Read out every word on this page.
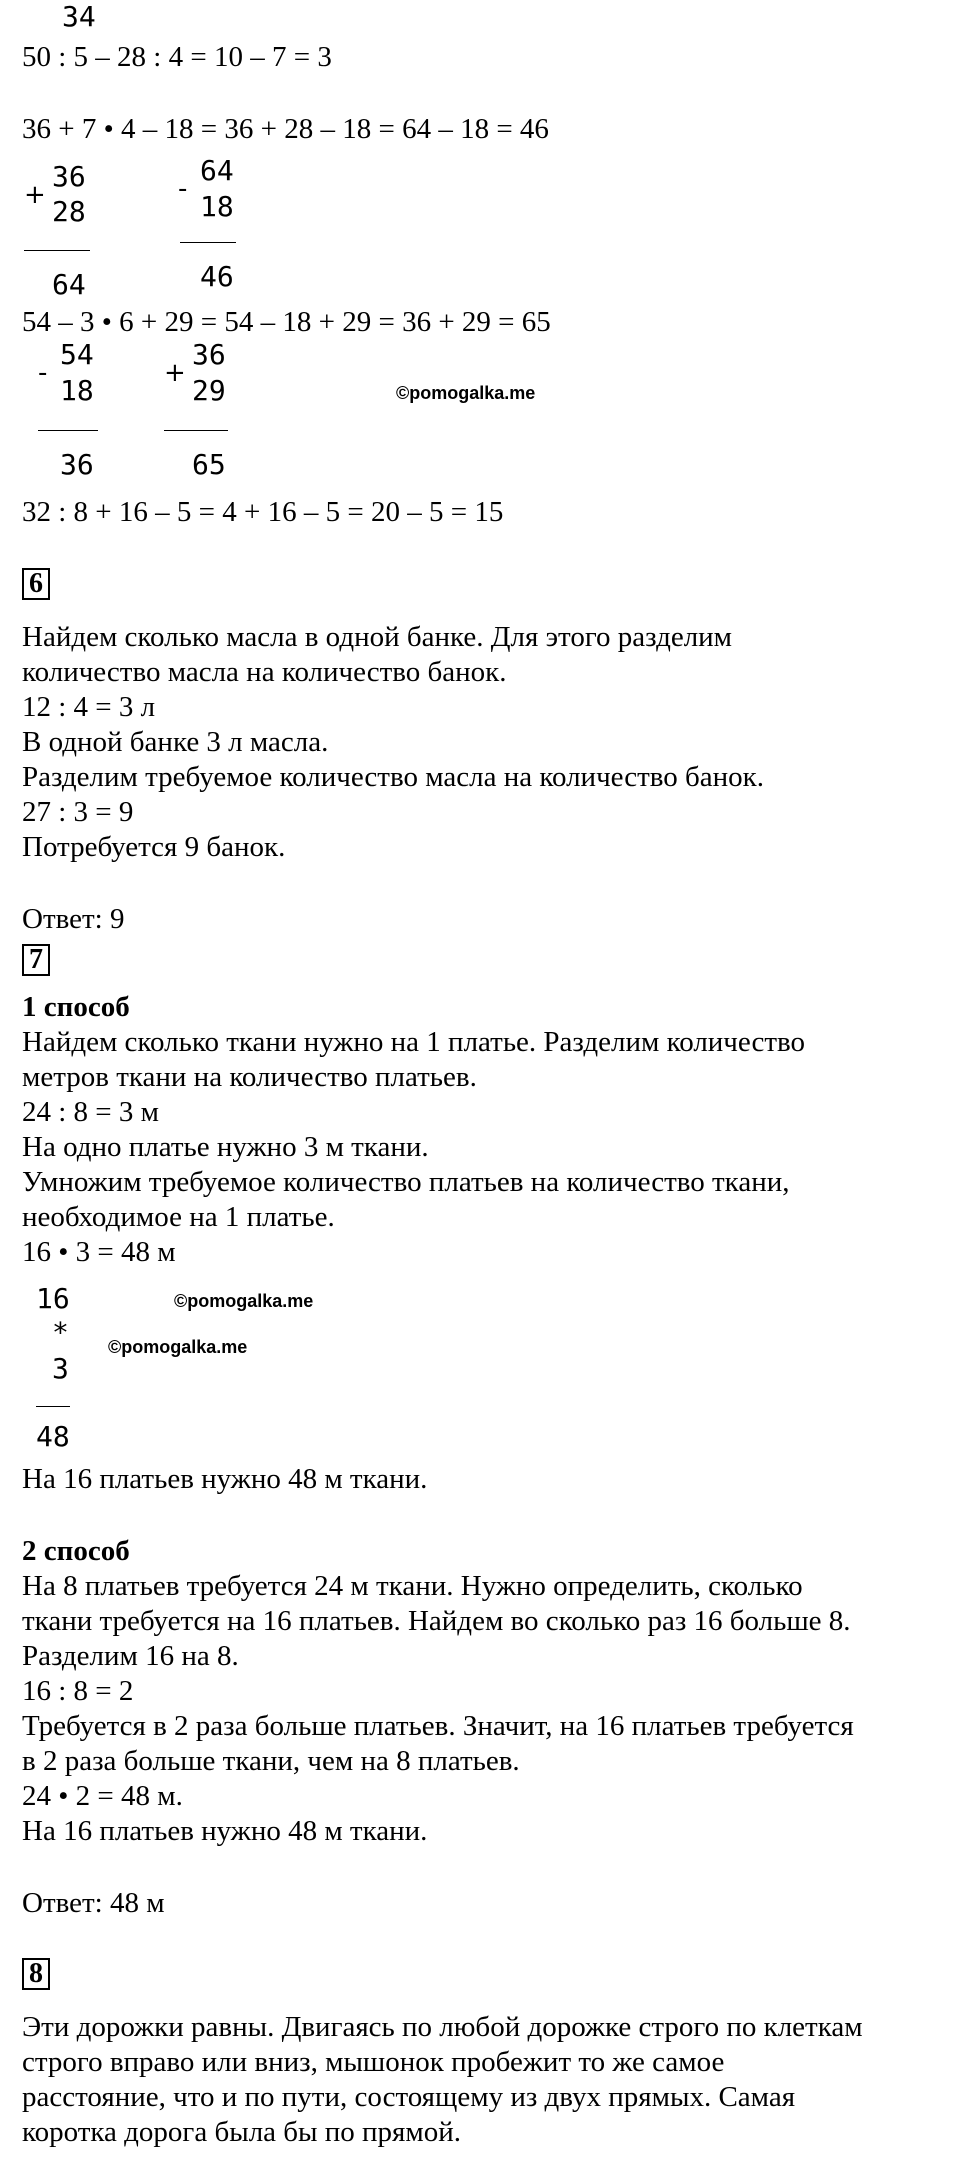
34
50 : 5 – 28 : 4 = 10 – 7 = 3
36 + 7 • 4 – 18 = 36 + 28 – 18 = 64 – 18 = 46
+
36
28
64
-
64
18
46
54 – 3 • 6 + 29 = 54 – 18 + 29 = 36 + 29 = 65
-
54
18
36
+
36
29
65
©pomogalka.me
32 : 8 + 16 – 5 = 4 + 16 – 5 = 20 – 5 = 15
6
Найдем сколько масла в одной банке. Для этого разделим
количество масла на количество банок.
12 : 4 = 3 л
В одной банке 3 л масла.
Разделим требуемое количество масла на количество банок.
27 : 3 = 9
Потребуется 9 банок.
Ответ: 9
7
1 способ
Найдем сколько ткани нужно на 1 платье. Разделим количество
метров ткани на количество платьев.
24 : 8 = 3 м
На одно платье нужно 3 м ткани.
Умножим требуемое количество платьев на количество ткани,
необходимое на 1 платье.
16 • 3 = 48 м
16
*
3
48
©pomogalka.me
©pomogalka.me
На 16 платьев нужно 48 м ткани.
2 способ
На 8 платьев требуется 24 м ткани. Нужно определить, сколько
ткани требуется на 16 платьев. Найдем во сколько раз 16 больше 8.
Разделим 16 на 8.
16 : 8 = 2
Требуется в 2 раза больше платьев. Значит, на 16 платьев требуется
в 2 раза больше ткани, чем на 8 платьев.
24 • 2 = 48 м.
На 16 платьев нужно 48 м ткани.
Ответ: 48 м
8
Эти дорожки равны. Двигаясь по любой дорожке строго по клеткам
строго вправо или вниз, мышонок пробежит то же самое
расстояние, что и по пути, состоящему из двух прямых. Самая
коротка дорога была бы по прямой.
